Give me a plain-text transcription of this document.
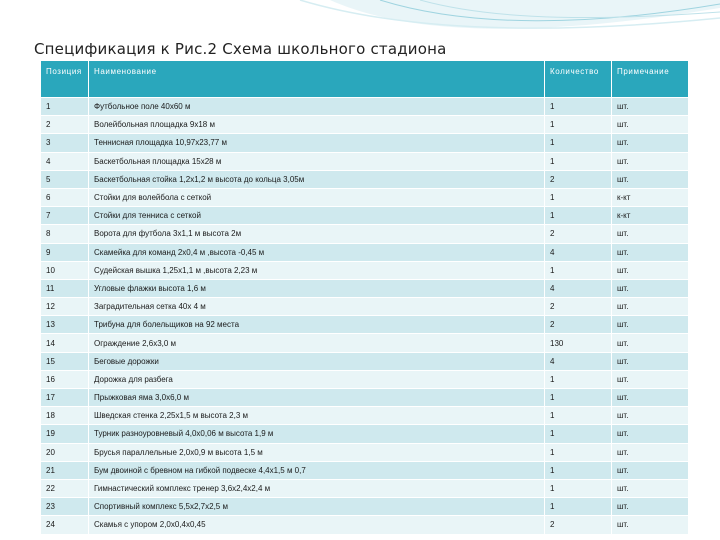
Спецификация к Рис.2 Схема школьного стадиона
Позиция	Наименование	Количество	Примечание
1	Футбольное поле 40х60 м	1	шт.
2	Волейбольная площадка 9х18 м	1	шт.
3	Теннисная площадка 10,97х23,77 м	1	шт.
4	Баскетбольная площадка 15х28 м	1	шт.
5	Баскетбольная стойка 1,2х1,2 м высота до кольца 3,05м	2	шт.
6	Стойки для волейбола с сеткой	1	к-кт
7	Стойки для тенниса с сеткой	1	к-кт
8	Ворота для футбола 3х1,1 м высота 2м	2	шт.
9	Скамейка для команд 2х0,4 м ,высота -0,45 м	4	шт.
10	Судейская вышка 1,25х1,1 м ,высота 2,23 м	1	шт.
11	Угловые флажки высота 1,6 м	4	шт.
12	Заградительная сетка 40х 4 м	2	шт.
13	Трибуна для болельщиков на 92 места	2	шт.
14	Ограждение 2,6х3,0 м	130	шт.
15	Беговые дорожки	4	шт.
16	Дорожка для разбега	1	шт.
17	Прыжковая яма 3,0х6,0 м	1	шт.
18	Шведская стенка 2,25х1,5 м высота 2,3 м	1	шт.
19	Турник разноуровневый 4,0х0,06 м высота 1,9 м	1	шт.
20	Брусья параллельные 2,0х0,9 м высота 1,5 м	1	шт.
21	Бум двоиной с бревном на гибкой подвеске 4,4х1,5 м 0,7	1	шт.
22	Гимнастический комплекс тренер 3,6х2,4х2,4 м	1	шт.
23	Спортивный комплекс 5,5х2,7х2,5 м	1	шт.
24	Скамья с упором 2,0х0,4х0,45	2	шт.
